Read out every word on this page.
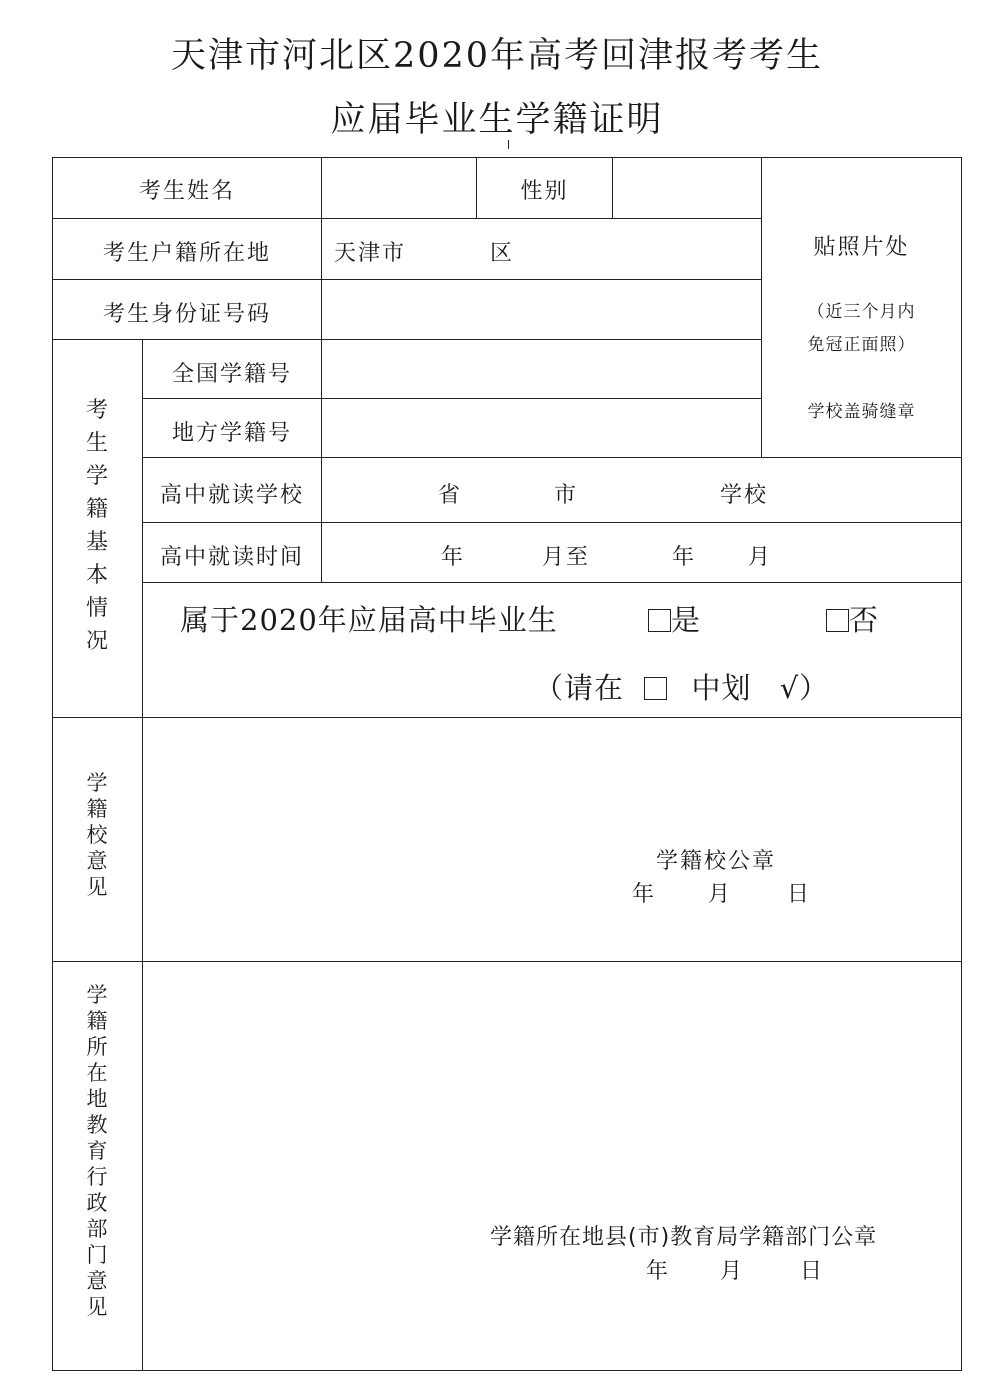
天津市河北区2020年高考回津报考考生
应届毕业生学籍证明
考生姓名	性别
考生户籍所在地	天津市	区
考生身份证号码
考
生
学
籍
基
本
情
况
全国学籍号
地方学籍号
高中就读学校	省	市	学校
高中就读时间	年	月至	年 月
贴照片处
（近三个月内
免冠正面照）
学校盖骑缝章
属于2020年应届高中毕业生	是	否
（请在 中划 √）
学
籍
校
意
见
学籍校公章
年 月 日
学
籍
所
在
地
教
育
行
政
部
门
意
见
学籍所在地县(市)教育局学籍部门公章
年 月	日
